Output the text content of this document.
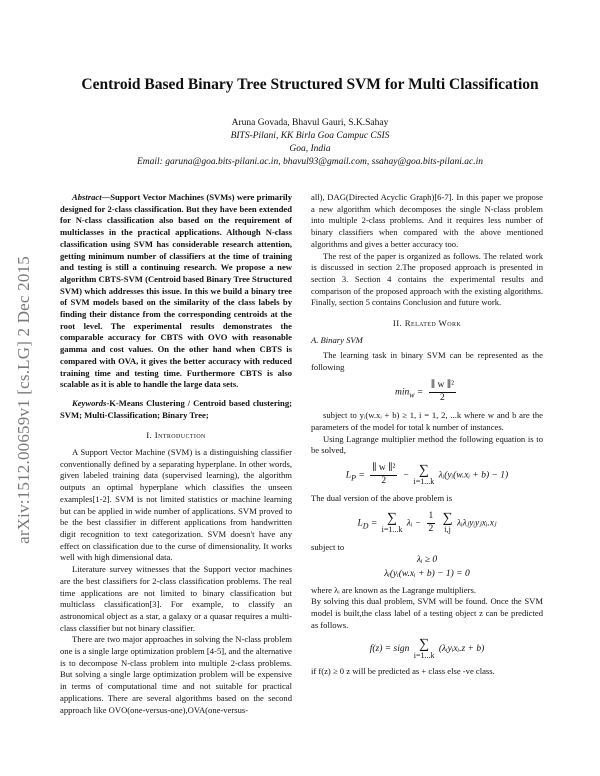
arXiv:1512.00659v1 [cs.LG] 2 Dec 2015
Centroid Based Binary Tree Structured SVM for Multi Classification
Aruna Govada, Bhavul Gauri, S.K.Sahay
BITS-Pilani, KK Birla Goa Campuc CSIS
Goa, India
Email: garuna@goa.bits-pilani.ac.in, bhavul93@gmail.com, ssahay@goa.bits-pilani.ac.in

Abstract—Support Vector Machines (SVMs) were primarily designed for 2-class classification. But they have been extended for N-class classification also based on the requirement of multiclasses in the practical applications. Although N-class classification using SVM has considerable research attention, getting minimum number of classifiers at the time of training and testing is still a continuing research. We propose a new algorithm CBTS-SVM (Centroid based Binary Tree Structured SVM) which addresses this issue. In this we build a binary tree of SVM models based on the similarity of the class labels by finding their distance from the corresponding centroids at the root level. The experimental results demonstrates the comparable accuracy for CBTS with OVO with reasonable gamma and cost values. On the other hand when CBTS is compared with OVA, it gives the better accuracy with reduced training time and testing time. Furthermore CBTS is also scalable as it is able to handle the large data sets.

Keywords-K-Means Clustering / Centroid based clustering; SVM; Multi-Classification; Binary Tree;

I. Introduction

A Support Vector Machine (SVM) is a distinguishing classifier conventionally defined by a separating hyperplane. In other words, given labeled training data (supervised learning), the algorithm outputs an optimal hyperplane which classifies the unseen examples[1-2]. SVM is not limited statistics or machine learning but can be applied in wide number of applications. SVM proved to be the best classifier in different applications from handwritten digit recognition to text categorization. SVM doesn't have any effect on classification due to the curse of dimensionality. It works well with high dimensional data.

Literature survey witnesses that the Support vector machines are the best classifiers for 2-class classification problems. The real time applications are not limited to binary classification but multiclass classification[3]. For example, to classify an astronomical object as a star, a galaxy or a quasar requires a multi-class classifier but not binary classifier.

There are two major approaches in solving the N-class problem one is a single large optimization problem [4-5], and the alternative is to decompose N-class problem into multiple 2-class problems. But solving a single large optimization problem will be expensive in terms of computational time and not suitable for practical applications. There are several algorithms based on the second approach like OVO(one-versus-one),OVA(one-versus-

all), DAG(Directed Acyclic Graph)[6-7]. In this paper we propose a new algorithm which decomposes the single N-class problem into multiple 2-class problems. And it requires less number of binary classifiers when compared with the above mentioned algorithms and gives a better accuracy too.

The rest of the paper is organized as follows. The related work is discussed in section 2.The proposed approach is presented in section 3. Section 4 contains the experimental results and comparison of the proposed approach with the existing algorithms. Finally, section 5 contains Conclusion and future work.

II. Related Work

A. Binary SVM

The learning task in binary SVM can be represented as the following

$\min_w = \frac{\text{∥ w ∥²}}{2}$

subject to yᵢ(w.xᵢ + b) ≥ 1, i = 1, 2, ...k where w and b are the parameters of the model for total k number of instances.

Using Lagrange multiplier method the following equation is to be solved,

$L_P = \frac{\text{∥ w ∥²}}{2}$ − ∑
i=1...k λᵢ(yᵢ(w.xᵢ + b) − 1)

The dual version of the above problem is

$L_D$ = ∑
i=1...k λᵢ − $\frac{1}{2}$
∑
i,j λᵢλⱼyᵢyⱼxᵢ.xⱼ

subject to

λᵢ ≥ 0
λᵢ(yᵢ(w.xᵢ + b) − 1) = 0

where λᵢ are known as the Lagrange multipliers.

By solving this dual problem, SVM will be found. Once the SVM model is built,the class label of a testing object z can be predicted as follows.

f(z) = sign ∑
i=1...k (λᵢyᵢxᵢ.z + b)

if f(z) ≥ 0 z will be predicted as + class else -ve class.
